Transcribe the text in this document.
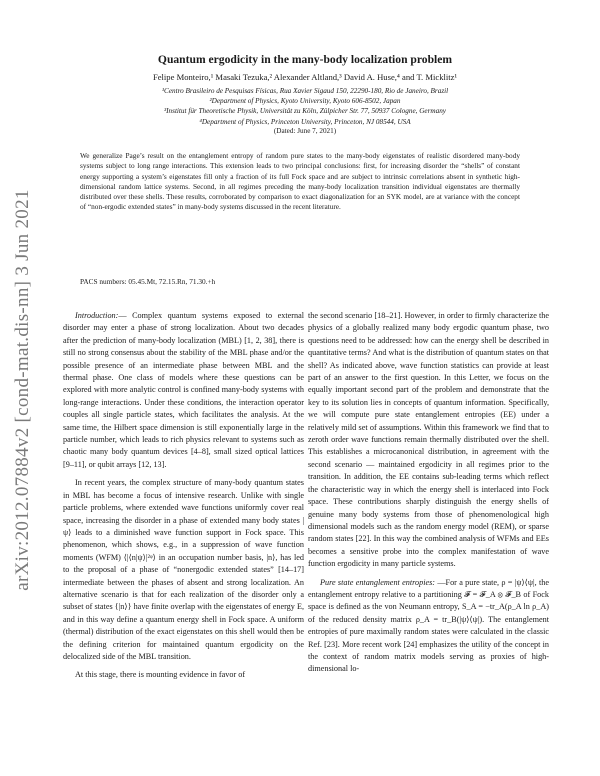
arXiv:2012.07884v2 [cond-mat.dis-nn] 3 Jun 2021
Quantum ergodicity in the many-body localization problem
Felipe Monteiro,¹ Masaki Tezuka,² Alexander Altland,³ David A. Huse,⁴ and T. Micklitz¹
¹Centro Brasileiro de Pesquisas Físicas, Rua Xavier Sigaud 150, 22290-180, Rio de Janeiro, Brazil
²Department of Physics, Kyoto University, Kyoto 606-8502, Japan
³Institut für Theoretische Physik, Universität zu Köln, Zülpicher Str. 77, 50937 Cologne, Germany
⁴Department of Physics, Princeton University, Princeton, NJ 08544, USA
(Dated: June 7, 2021)
We generalize Page’s result on the entanglement entropy of random pure states to the many-body eigenstates of realistic disordered many-body systems subject to long range interactions. This extension leads to two principal conclusions: first, for increasing disorder the “shells” of constant energy supporting a system’s eigenstates fill only a fraction of its full Fock space and are subject to intrinsic correlations absent in synthetic high-dimensional random lattice systems. Second, in all regimes preceding the many-body localization transition individual eigenstates are thermally distributed over these shells. These results, corroborated by comparison to exact diagonalization for an SYK model, are at variance with the concept of “non-ergodic extended states” in many-body systems discussed in the recent literature.
PACS numbers: 05.45.Mt, 72.15.Rn, 71.30.+h

Introduction:— Complex quantum systems exposed to external disorder may enter a phase of strong localization. About two decades after the prediction of many-body localization (MBL) [1, 2, 38], there is still no strong consensus about the stability of the MBL phase and/or the possible presence of an intermediate phase between MBL and the thermal phase. One class of models where these questions can be explored with more analytic control is confined many-body systems with long-range interactions. Under these conditions, the interaction operator couples all single particle states, which facilitates the analysis. At the same time, the Hilbert space dimension is still exponentially large in the particle number, which leads to rich physics relevant to systems such as chaotic many body quantum devices [4–8], small sized optical lattices [9–11], or qubit arrays [12, 13].

In recent years, the complex structure of many-body quantum states in MBL has become a focus of intensive research. Unlike with single particle problems, where extended wave functions uniformly cover real space, increasing the disorder in a phase of extended many body states |ψ⟩ leads to a diminished wave function support in Fock space. This phenomenon, which shows, e.g., in a suppression of wave function moments (WFM) ⟨|⟨n|ψ⟩|²ᵠ⟩ in an occupation number basis, |n⟩, has led to the proposal of a phase of “nonergodic extended states” [14–17] intermediate between the phases of absent and strong localization. An alternative scenario is that for each realization of the disorder only a subset of states {|n⟩} have finite overlap with the eigenstates of energy E, and in this way define a quantum energy shell in Fock space. A uniform (thermal) distribution of the exact eigenstates on this shell would then be the defining criterion for maintained quantum ergodicity on the delocalized side of the MBL transition.

At this stage, there is mounting evidence in favor of

the second scenario [18–21]. However, in order to firmly characterize the physics of a globally realized many body ergodic quantum phase, two questions need to be addressed: how can the energy shell be described in quantitative terms? And what is the distribution of quantum states on that shell? As indicated above, wave function statistics can provide at least part of an answer to the first question. In this Letter, we focus on the equally important second part of the problem and demonstrate that the key to its solution lies in concepts of quantum information. Specifically, we will compute pure state entanglement entropies (EE) under a relatively mild set of assumptions. Within this framework we find that to zeroth order wave functions remain thermally distributed over the shell. This establishes a microcanonical distribution, in agreement with the second scenario — maintained ergodicity in all regimes prior to the transition. In addition, the EE contains sub-leading terms which reflect the characteristic way in which the energy shell is interlaced into Fock space. These contributions sharply distinguish the energy shells of genuine many body systems from those of phenomenological high dimensional models such as the random energy model (REM), or sparse random states [22]. In this way the combined analysis of WFMs and EEs becomes a sensitive probe into the complex manifestation of wave function ergodicity in many particle systems.

Pure state entanglement entropies: —For a pure state, ρ = |ψ⟩⟨ψ|, the entanglement entropy relative to a partitioning 𝓕 = 𝓕_A ⊗ 𝓕_B of Fock space is defined as the von Neumann entropy, S_A = −tr_A(ρ_A ln ρ_A) of the reduced density matrix ρ_A = tr_B(|ψ⟩⟨ψ|). The entanglement entropies of pure maximally random states were calculated in the classic Ref. [23]. More recent work [24] emphasizes the utility of the concept in the context of random matrix models serving as proxies of high-dimensional lo-
